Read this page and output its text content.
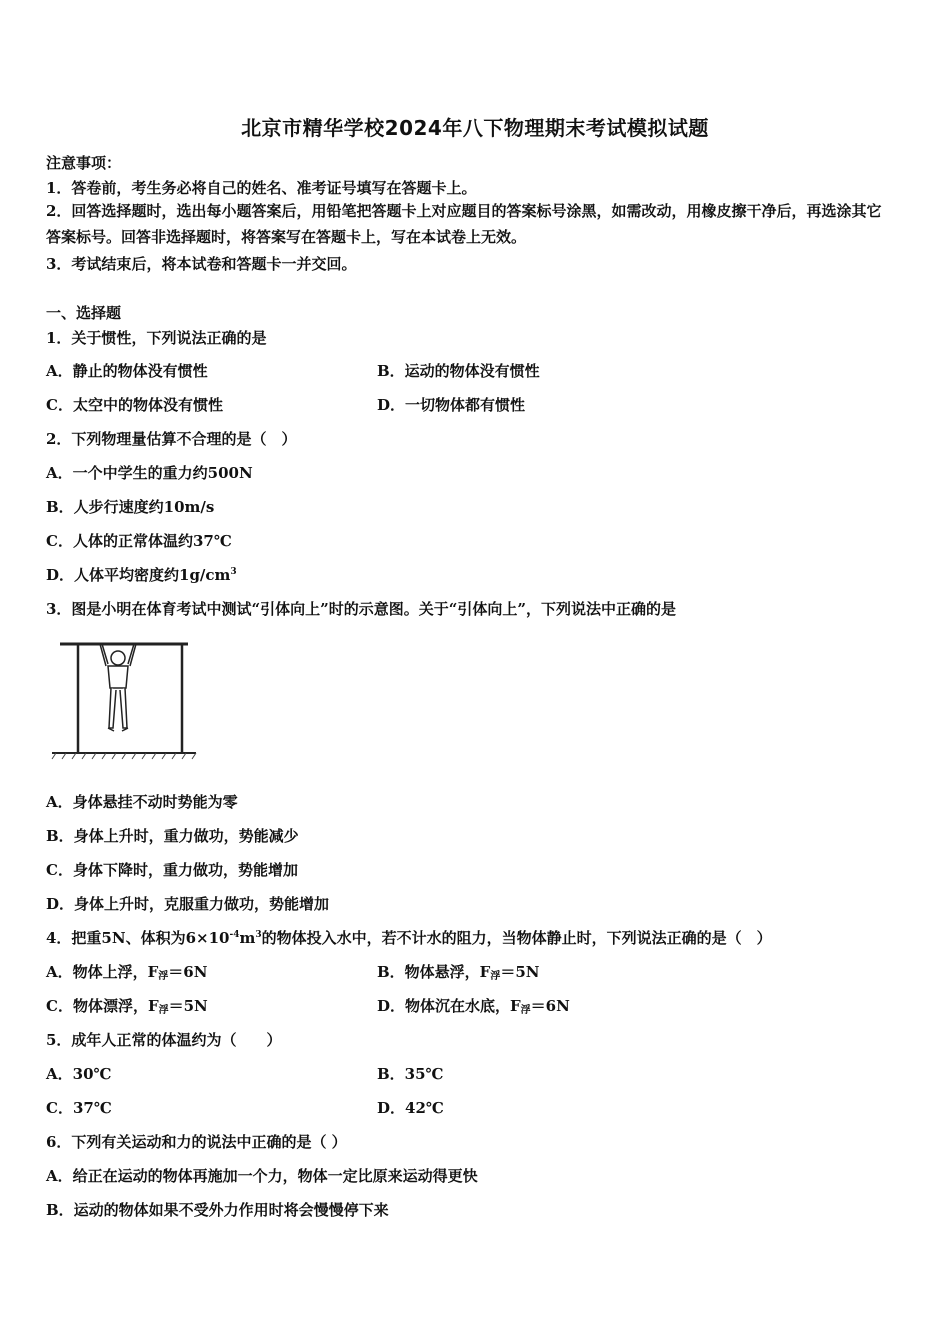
北京市精华学校2024年八下物理期末考试模拟试题
注意事项：
1．答卷前，考生务必将自己的姓名、准考证号填写在答题卡上。
2．回答选择题时，选出每小题答案后，用铅笔把答题卡上对应题目的答案标号涂黑，如需改动，用橡皮擦干净后，再选涂其它答案标号。回答非选择题时，将答案写在答题卡上，写在本试卷上无效。
3．考试结束后，将本试卷和答题卡一并交回。
一、选择题
1．关于惯性，下列说法正确的是
A．静止的物体没有惯性	B．运动的物体没有惯性
C．太空中的物体没有惯性	D．一切物体都有惯性
2．下列物理量估算不合理的是（　）
A．一个中学生的重力约500N
B．人步行速度约10m/s
C．人体的正常体温约37℃
D．人体平均密度约$1g/cm^3$
3．图是小明在体育考试中测试“引体向上”时的示意图。关于“引体向上”，下列说法中正确的是
A．身体悬挂不动时势能为零
B．身体上升时，重力做功，势能减少
C．身体下降时，重力做功，势能增加
D．身体上升时，克服重力做功，势能增加
4．把重5N、体积为$6\times 10^{-4}m^3$的物体投入水中，若不计水的阻力，当物体静止时，下列说法正确的是（　）
A．物体上浮，$F_浮=6N$	B．物体悬浮，$F_浮=5N$
C．物体漂浮，$F_浮=5N$	D．物体沉在水底，$F_浮=6N$
5．成年人正常的体温约为（　　）
A．30℃	B．35℃
C．37℃	D．42℃
6．下列有关运动和力的说法中正确的是（ ）
A．给正在运动的物体再施加一个力，物体一定比原来运动得更快
B．运动的物体如果不受外力作用时将会慢慢停下来
